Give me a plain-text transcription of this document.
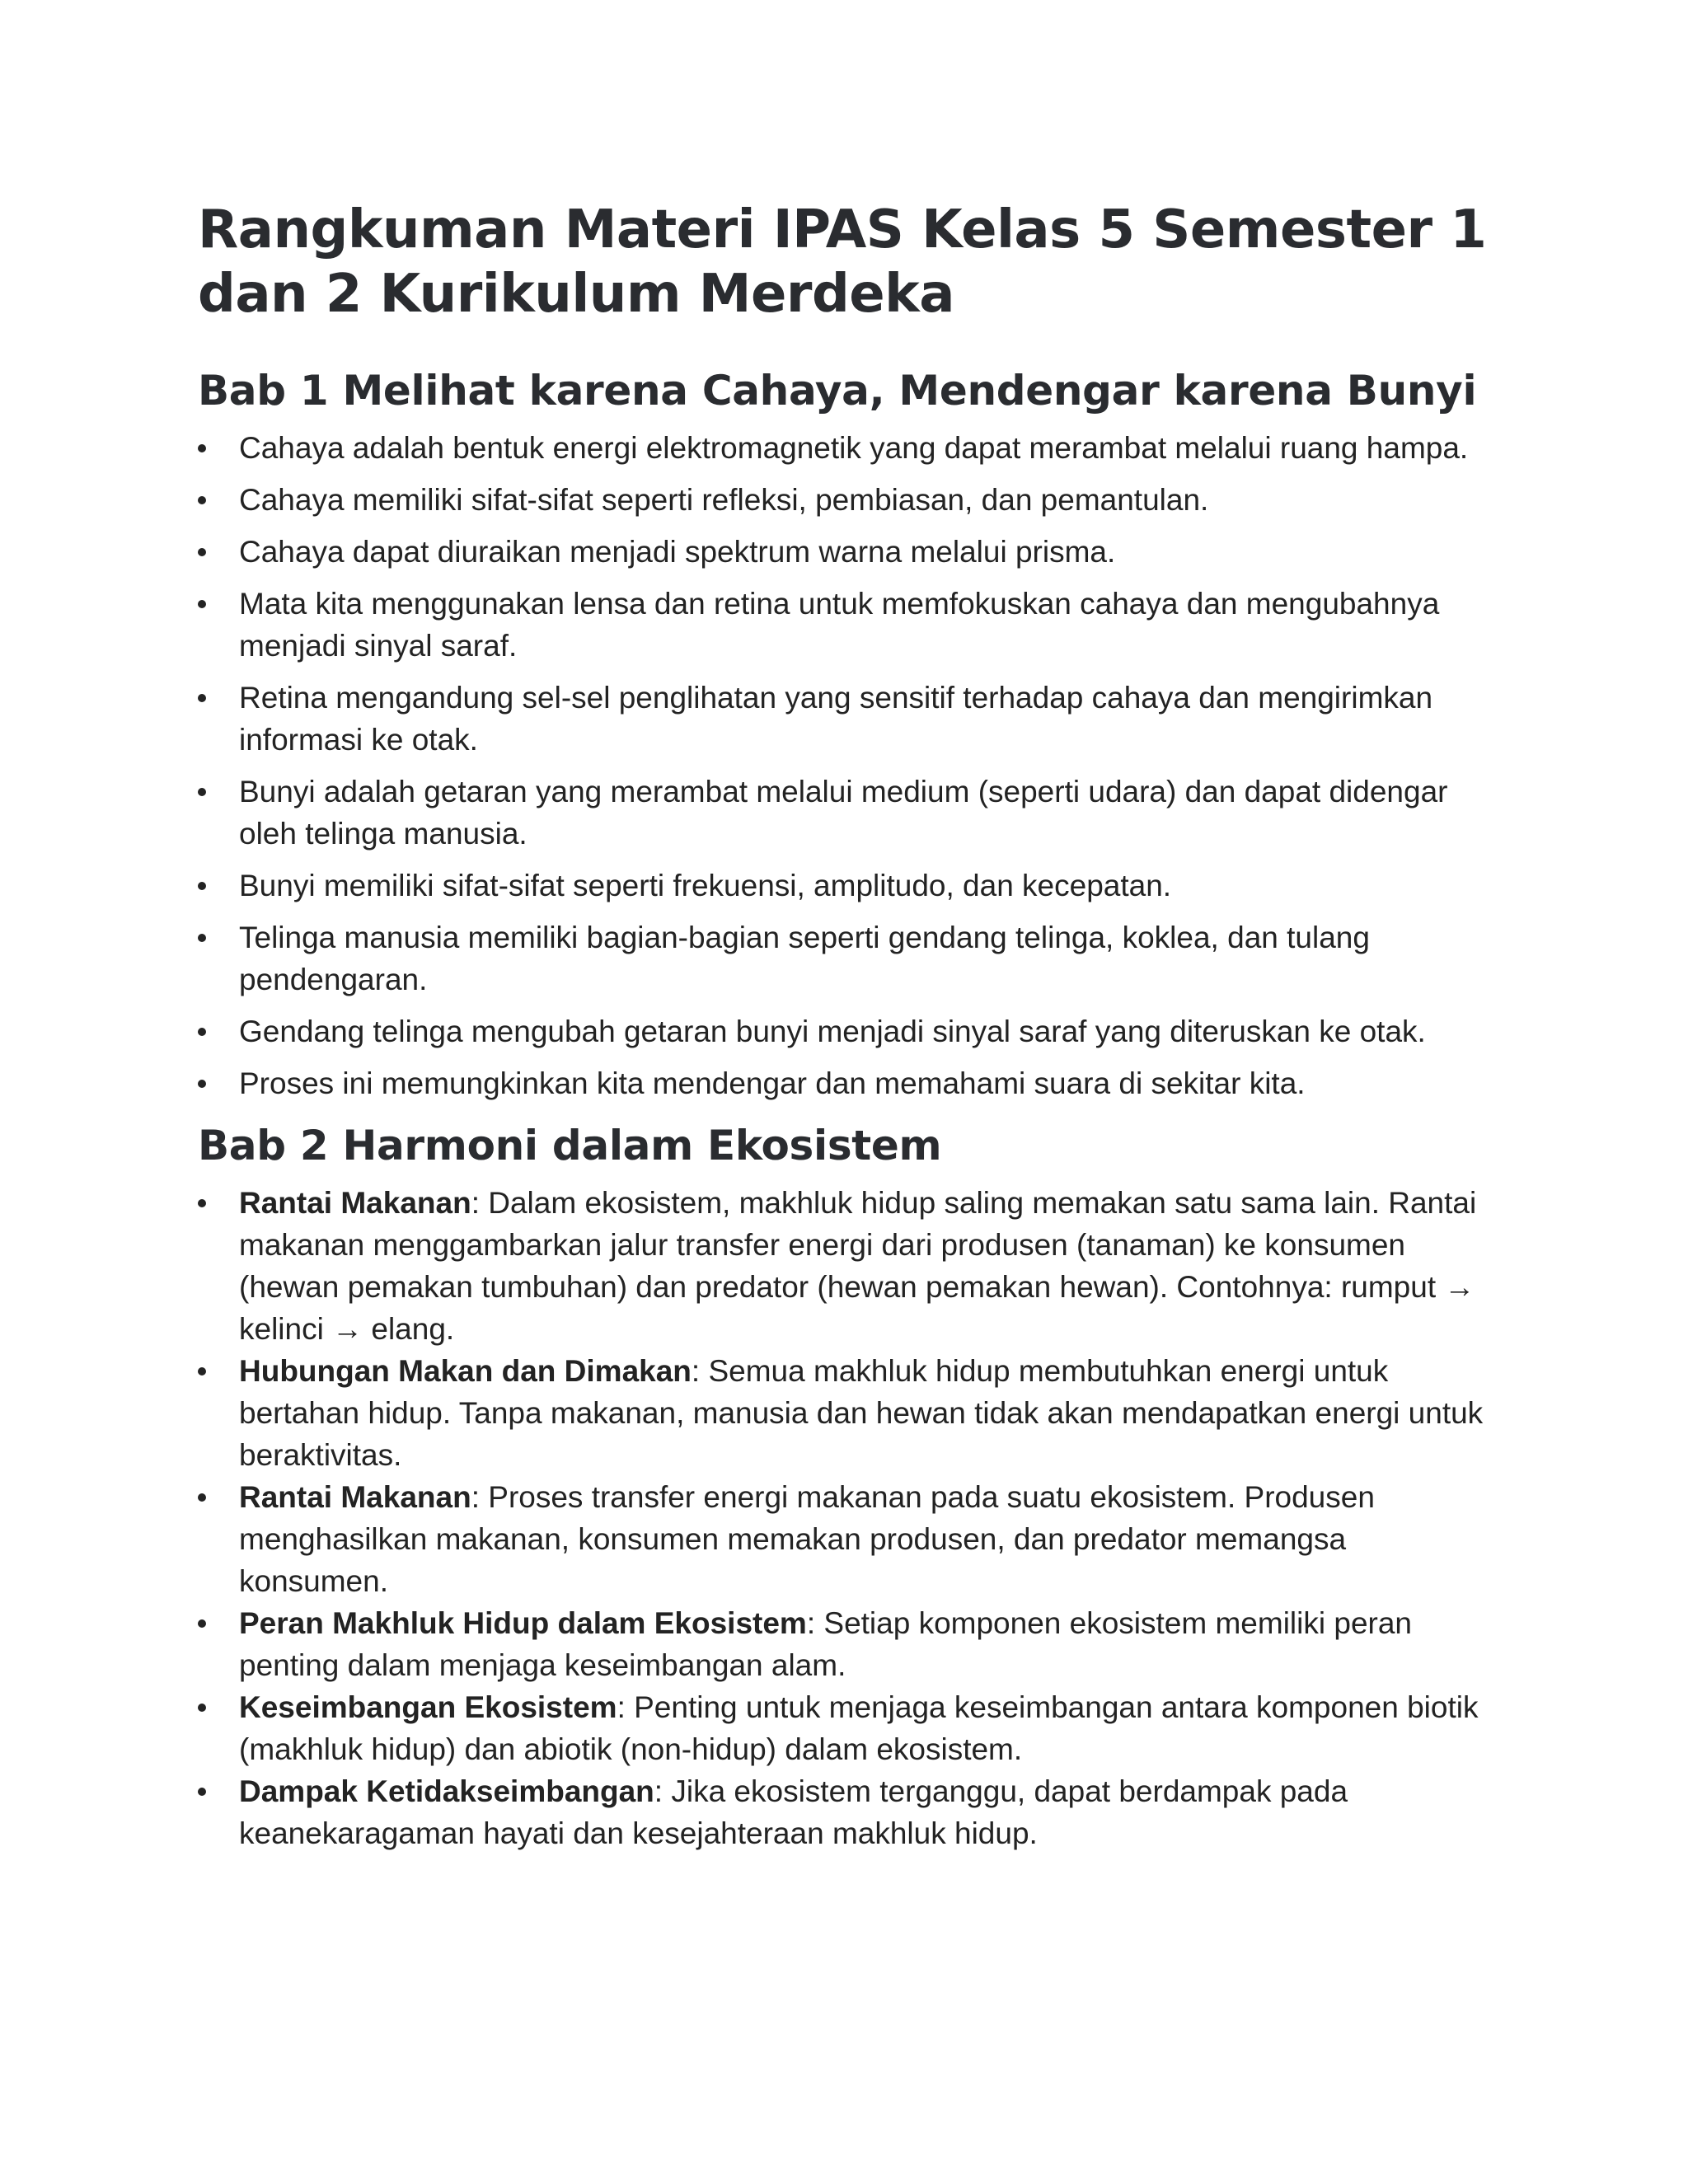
Rangkuman Materi IPAS Kelas 5 Semester 1 dan 2 Kurikulum Merdeka
Bab 1 Melihat karena Cahaya, Mendengar karena Bunyi
Cahaya adalah bentuk energi elektromagnetik yang dapat merambat melalui ruang hampa.
Cahaya memiliki sifat-sifat seperti refleksi, pembiasan, dan pemantulan.
Cahaya dapat diuraikan menjadi spektrum warna melalui prisma.
Mata kita menggunakan lensa dan retina untuk memfokuskan cahaya dan mengubahnya menjadi sinyal saraf.
Retina mengandung sel-sel penglihatan yang sensitif terhadap cahaya dan mengirimkan informasi ke otak.
Bunyi adalah getaran yang merambat melalui medium (seperti udara) dan dapat didengar oleh telinga manusia.
Bunyi memiliki sifat-sifat seperti frekuensi, amplitudo, dan kecepatan.
Telinga manusia memiliki bagian-bagian seperti gendang telinga, koklea, dan tulang pendengaran.
Gendang telinga mengubah getaran bunyi menjadi sinyal saraf yang diteruskan ke otak.
Proses ini memungkinkan kita mendengar dan memahami suara di sekitar kita.
Bab 2 Harmoni dalam Ekosistem
Rantai Makanan: Dalam ekosistem, makhluk hidup saling memakan satu sama lain. Rantai makanan menggambarkan jalur transfer energi dari produsen (tanaman) ke konsumen (hewan pemakan tumbuhan) dan predator (hewan pemakan hewan). Contohnya: rumput → kelinci → elang.
Hubungan Makan dan Dimakan: Semua makhluk hidup membutuhkan energi untuk bertahan hidup. Tanpa makanan, manusia dan hewan tidak akan mendapatkan energi untuk beraktivitas.
Rantai Makanan: Proses transfer energi makanan pada suatu ekosistem. Produsen menghasilkan makanan, konsumen memakan produsen, dan predator memangsa konsumen.
Peran Makhluk Hidup dalam Ekosistem: Setiap komponen ekosistem memiliki peran penting dalam menjaga keseimbangan alam.
Keseimbangan Ekosistem: Penting untuk menjaga keseimbangan antara komponen biotik (makhluk hidup) dan abiotik (non-hidup) dalam ekosistem.
Dampak Ketidakseimbangan: Jika ekosistem terganggu, dapat berdampak pada keanekaragaman hayati dan kesejahteraan makhluk hidup.
